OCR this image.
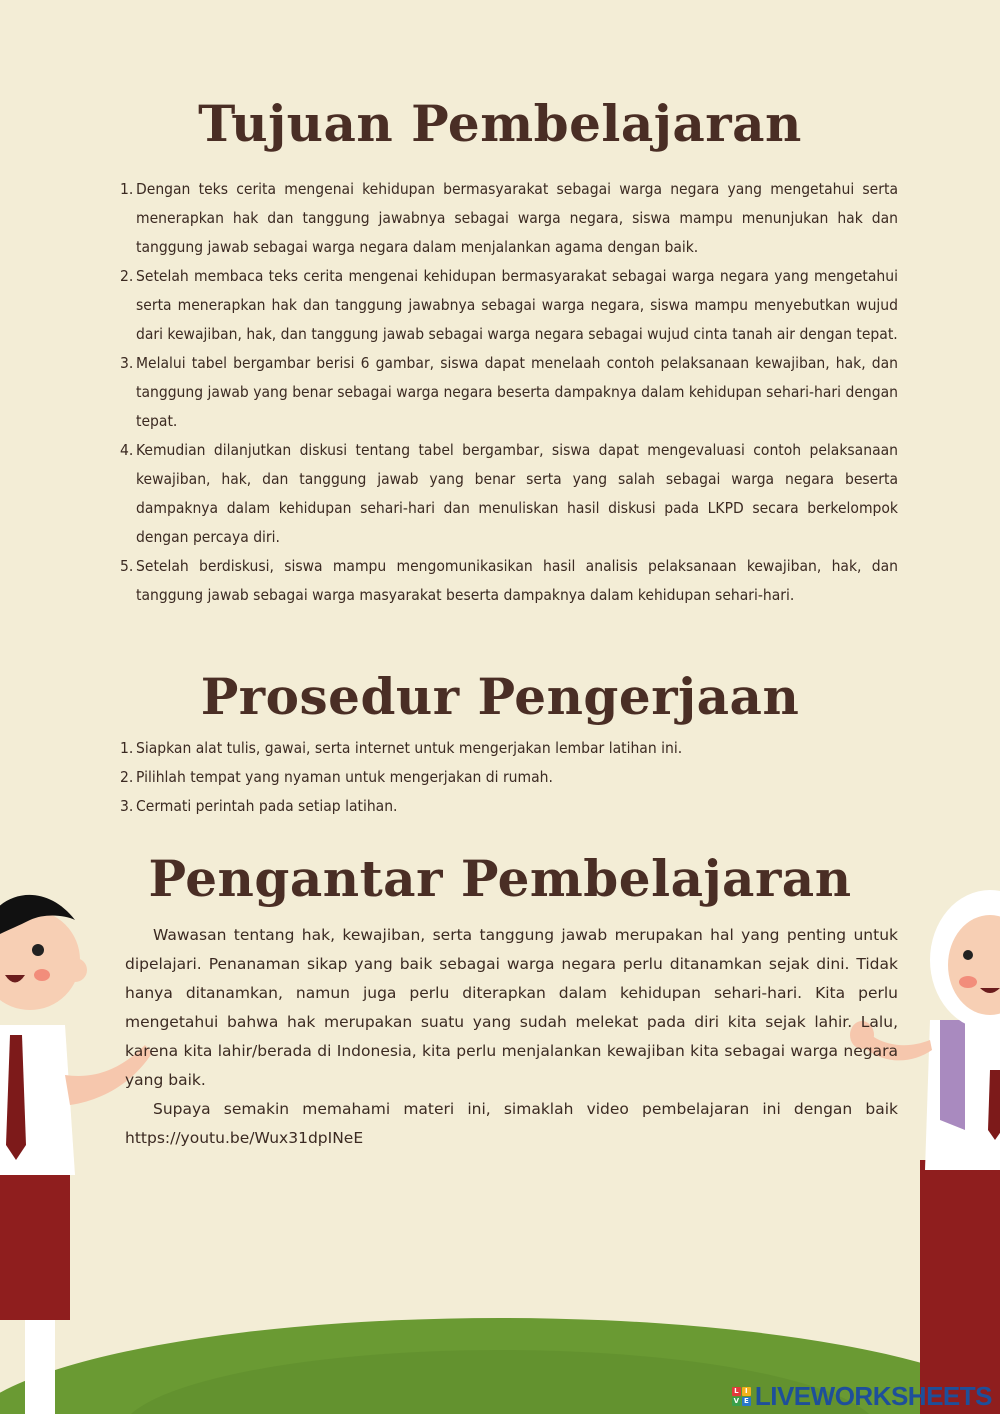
Tujuan Pembelajaran
1. Dengan teks cerita mengenai kehidupan bermasyarakat sebagai warga negara yang mengetahui serta menerapkan hak dan tanggung jawabnya sebagai warga negara, siswa mampu menunjukan hak dan tanggung jawab sebagai warga negara dalam menjalankan agama dengan baik.
2. Setelah membaca teks cerita mengenai kehidupan bermasyarakat sebagai warga negara yang mengetahui serta menerapkan hak dan tanggung jawabnya sebagai warga negara, siswa mampu menyebutkan wujud dari kewajiban, hak, dan tanggung jawab sebagai warga negara sebagai wujud cinta tanah air dengan tepat.
3. Melalui tabel bergambar berisi 6 gambar, siswa dapat menelaah contoh pelaksanaan kewajiban, hak, dan tanggung jawab yang benar sebagai warga negara beserta dampaknya dalam kehidupan sehari-hari dengan tepat.
4. Kemudian dilanjutkan diskusi tentang tabel bergambar, siswa dapat mengevaluasi contoh pelaksanaan kewajiban, hak, dan tanggung jawab yang benar serta yang salah sebagai warga negara beserta dampaknya dalam kehidupan sehari-hari dan menuliskan hasil diskusi pada LKPD secara berkelompok dengan percaya diri.
5. Setelah berdiskusi, siswa mampu mengomunikasikan hasil analisis pelaksanaan kewajiban, hak, dan tanggung jawab sebagai warga masyarakat beserta dampaknya dalam kehidupan sehari-hari.
Prosedur Pengerjaan
1. Siapkan alat tulis, gawai, serta internet untuk mengerjakan lembar latihan ini.
2. Pilihlah tempat yang nyaman untuk mengerjakan di rumah.
3. Cermati perintah pada setiap latihan.
Pengantar Pembelajaran

Wawasan tentang hak, kewajiban, serta tanggung jawab merupakan hal yang penting untuk dipelajari. Penanaman sikap yang baik sebagai warga negara perlu ditanamkan sejak dini. Tidak hanya ditanamkan, namun juga perlu diterapkan dalam kehidupan sehari-hari. Kita perlu mengetahui bahwa hak merupakan suatu yang sudah melekat pada diri kita sejak lahir. Lalu, karena kita lahir/berada di Indonesia, kita perlu menjalankan kewajiban kita sebagai warga negara yang baik.

Supaya semakin memahami materi ini, simaklah video pembelajaran ini dengan baik https://youtu.be/Wux31dpINeE

L I
V E LIVEWORKSHEETS
